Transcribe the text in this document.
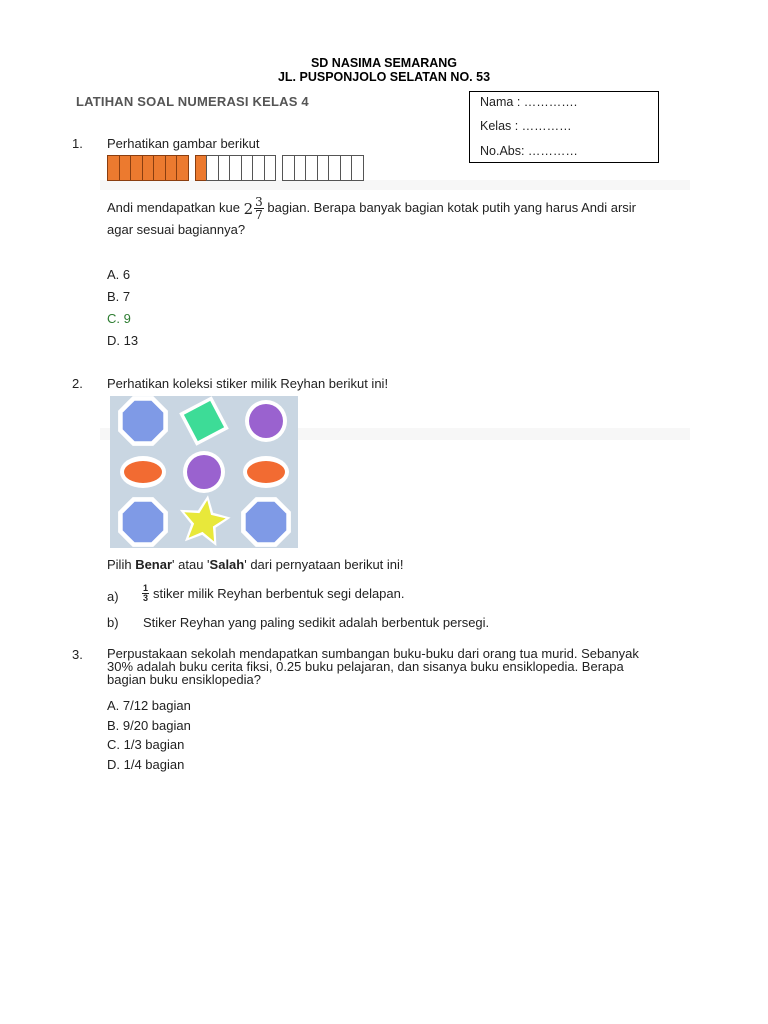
SD NASIMA SEMARANG
JL. PUSPONJOLO SELATAN NO. 53
LATIHAN SOAL NUMERASI KELAS 4	Nama : ………….
Kelas : …………
No.Abs: …………
1.	Perhatikan gambar berikut
Andi mendapatkan kue $2 \frac{3}{7}$ bagian. Berapa banyak bagian kotak putih yang harus Andi arsir
agar sesuai bagiannya?
A. 6
B. 7
C. 9
D. 13
2.	Perhatikan koleksi stiker milik Reyhan berikut ini!
Pilih Benar' atau 'Salah' dari pernyataan berikut ini!
a)	$\frac{1}{3}$ stiker milik Reyhan berbentuk segi delapan.
b) Stiker Reyhan yang paling sedikit adalah berbentuk persegi.
3.	Perpustakaan sekolah mendapatkan sumbangan buku-buku dari orang tua murid. Sebanyak
30% adalah buku cerita fiksi, 0.25 buku pelajaran, dan sisanya buku ensiklopedia. Berapa
bagian buku ensiklopedia?
A. 7/12 bagian
B. 9/20 bagian
C. 1/3 bagian
D. 1/4 bagian
